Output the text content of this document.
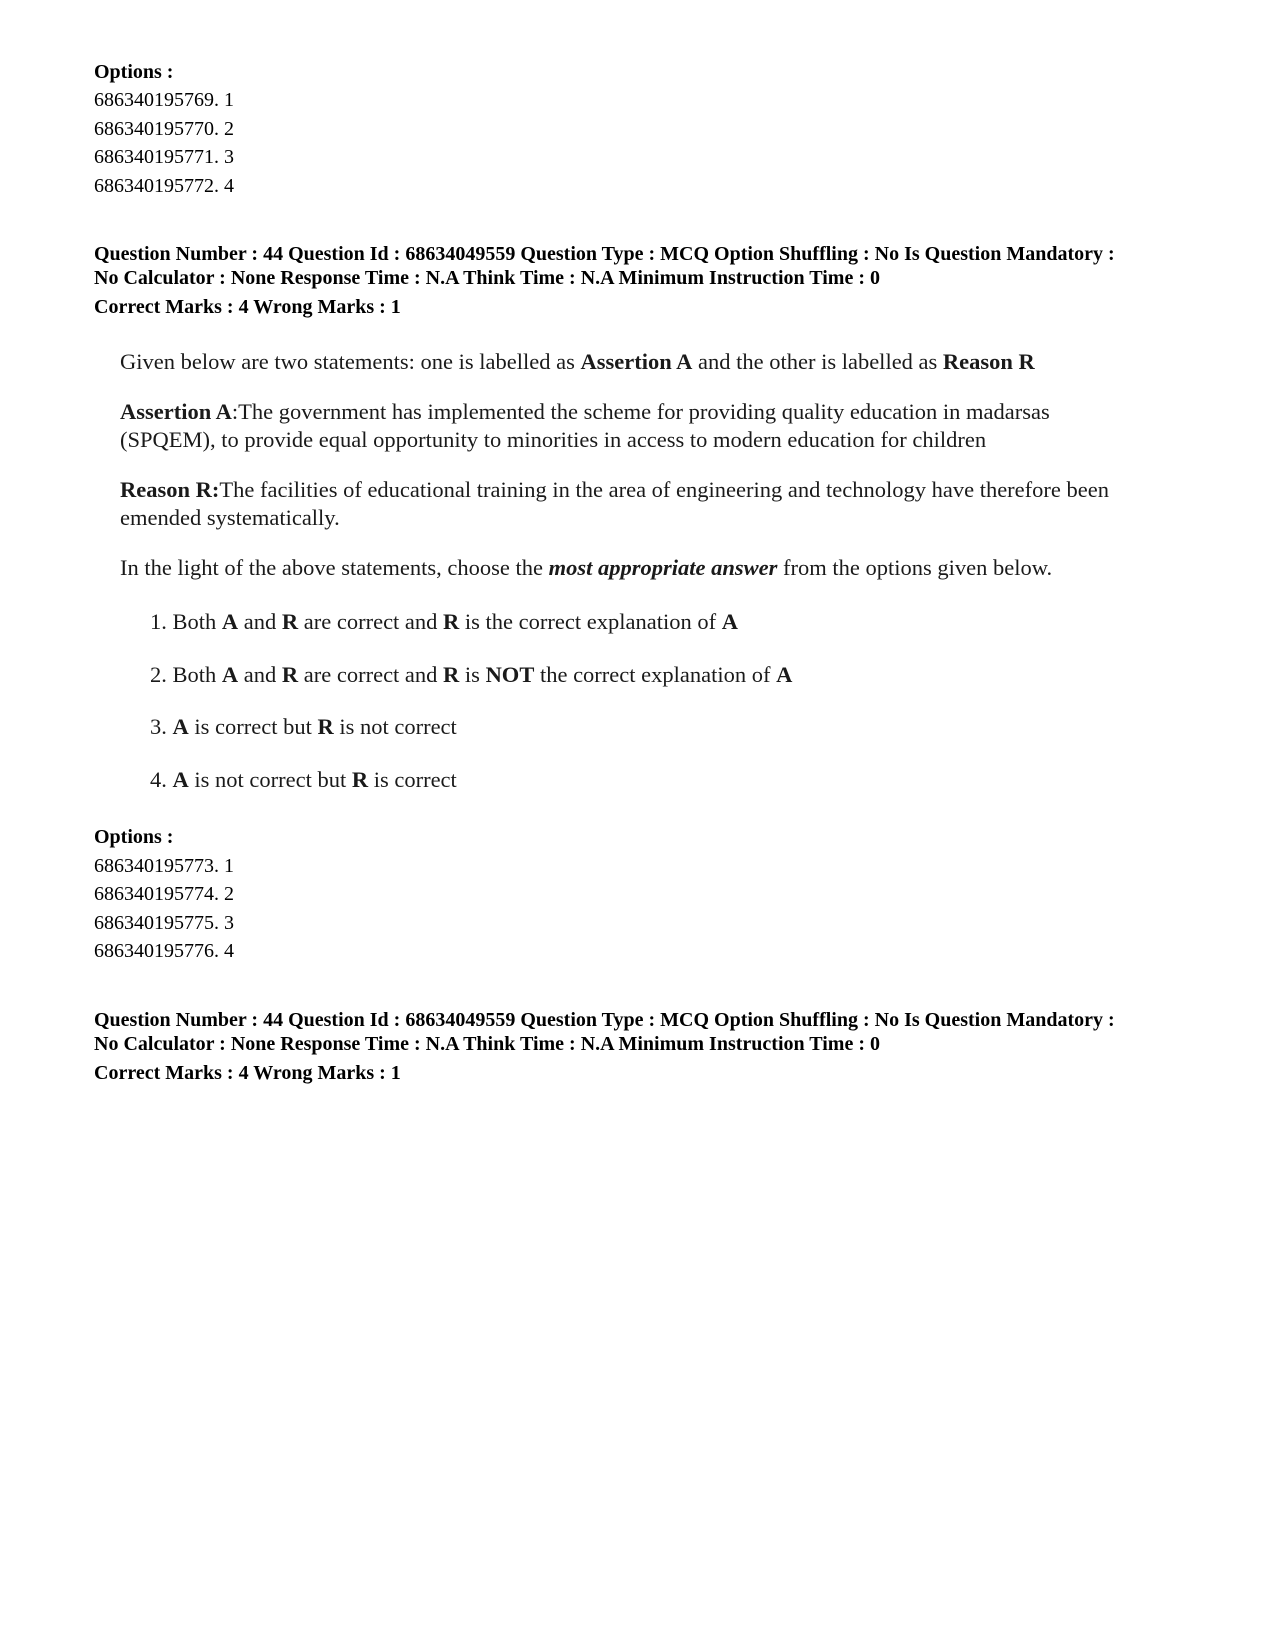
Options :
686340195769. 1
686340195770. 2
686340195771. 3
686340195772. 4
Question Number : 44 Question Id : 68634049559 Question Type : MCQ Option Shuffling : No Is Question Mandatory :
No Calculator : None Response Time : N.A Think Time : N.A Minimum Instruction Time : 0
Correct Marks : 4 Wrong Marks : 1
Given below are two statements: one is labelled as Assertion A and the other is labelled as Reason R
Assertion A:The government has implemented the scheme for providing quality education in madarsas
(SPQEM), to provide equal opportunity to minorities in access to modern education for children
Reason R:The facilities of educational training in the area of engineering and technology have therefore been
emended systematically.
In the light of the above statements, choose the most appropriate answer from the options given below.
1. Both A and R are correct and R is the correct explanation of A
2. Both A and R are correct and R is NOT the correct explanation of A
3. A is correct but R is not correct
4. A is not correct but R is correct
Options :
686340195773. 1
686340195774. 2
686340195775. 3
686340195776. 4
Question Number : 44 Question Id : 68634049559 Question Type : MCQ Option Shuffling : No Is Question Mandatory :
No Calculator : None Response Time : N.A Think Time : N.A Minimum Instruction Time : 0
Correct Marks : 4 Wrong Marks : 1
